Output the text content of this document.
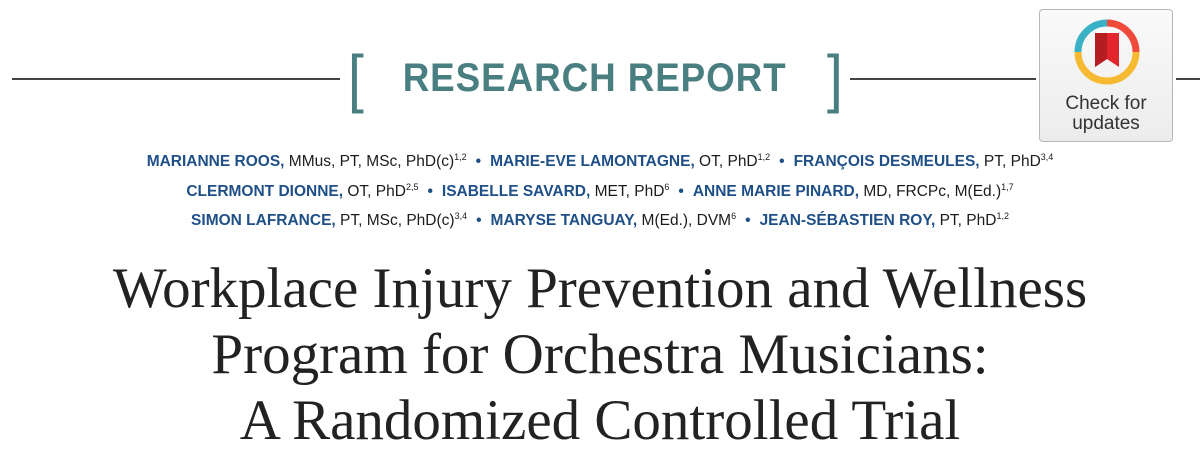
[ RESEARCH REPORT ]	Check for
updates
MARIANNE ROOS, MMus, PT, MSc, PhD(c)$^{1,2}$ • MARIE-EVE LAMONTAGNE, OT, PhD$^{1,2}$ • FRANÇOIS DESMEULES, PT, PhD$^{3,4}$
CLERMONT DIONNE, OT, PhD$^{2,5}$ • ISABELLE SAVARD, MET, PhD$^6$ • ANNE MARIE PINARD, MD, FRCPc, M(Ed.)$^{1,7}$
SIMON LAFRANCE, PT, MSc, PhD(c)$^{3,4}$ • MARYSE TANGUAY, M(Ed.), DVM$^6$ • JEAN-SÉBASTIEN ROY, PT, PhD$^{1,2}$
Workplace Injury Prevention and Wellness
Program for Orchestra Musicians:
A Randomized Controlled Trial
